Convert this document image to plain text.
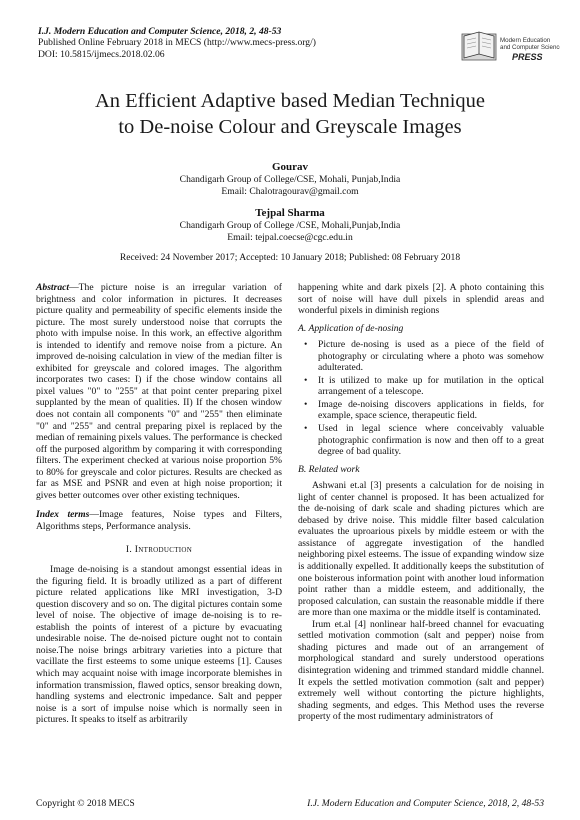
I.J. Modern Education and Computer Science, 2018, 2, 48-53
Published Online February 2018 in MECS (http://www.mecs-press.org/)
DOI: 10.5815/ijmecs.2018.02.06
Modern Education
and Computer Science
PRESS
An Efficient Adaptive based Median Technique
to De-noise Colour and Greyscale Images
Gourav
Chandigarh Group of College/CSE, Mohali, Punjab,India
Email: Chalotragourav@gmail.com
Tejpal Sharma
Chandigarh Group of College /CSE, Mohali,Punjab,India
Email: tejpal.coecse@cgc.edu.in
Received: 24 November 2017; Accepted: 10 January 2018; Published: 08 February 2018

Abstract—The picture noise is an irregular variation of brightness and color information in pictures. It decreases picture quality and permeability of specific elements inside the picture. The most surely understood noise that corrupts the photo with impulse noise. In this work, an effective algorithm is intended to identify and remove noise from a picture. An improved de-noising calculation in view of the median filter is exhibited for greyscale and colored images. The algorithm incorporates two cases: I) if the chose window contains all pixel values "0" to "255" at that point center preparing pixel supplanted by the mean of qualities. II) If the chosen window does not contain all components "0" and "255" then eliminate "0" and "255" and central preparing pixel is replaced by the median of remaining pixels values. The performance is checked off the purposed algorithm by comparing it with corresponding filters. The experiment checked at various noise proportion 5% to 80% for greyscale and color pictures. Results are checked as far as MSE and PSNR and even at high noise proportion; it gives better outcomes over other existing techniques.

Index terms—Image features, Noise types and Filters, Algorithms steps, Performance analysis.

I. Introduction

Image de-noising is a standout amongst essential ideas in the figuring field. It is broadly utilized as a part of different picture related applications like MRI investigation, 3-D question discovery and so on. The digital pictures contain some level of noise. The objective of image de-noising is to re-establish the points of interest of a picture by evacuating undesirable noise. The de-noised picture ought not to contain noise.The noise brings arbitrary varieties into a picture that vacillate the first esteems to some unique esteems [1]. Causes which may acquaint noise with image incorporate blemishes in information transmission, flawed optics, sensor breaking down, handling systems and electronic impedance. Salt and pepper noise is a sort of impulse noise which is normally seen in pictures. It speaks to itself as arbitrarily

happening white and dark pixels [2]. A photo containing this sort of noise will have dull pixels in splendid areas and wonderful pixels in diminish regions

A. Application of de-nosing

• Picture de-nosing is used as a piece of the field of photography or circulating where a photo was somehow adulterated.
• It is utilized to make up for mutilation in the optical arrangement of a telescope.
• Image de-noising discovers applications in fields, for example, space science, therapeutic field.
• Used in legal science where conceivably valuable photographic confirmation is now and then off to a great degree of bad quality.

B. Related work

Ashwani et.al [3] presents a calculation for de noising in light of center channel is proposed. It has been actualized for the de-noising of dark scale and shading pictures which are debased by drive noise. This middle filter based calculation evaluates the uproarious pixels by middle esteem or with the assistance of aggregate investigation of the handled neighboring pixel esteems. The issue of expanding window size is additionally expelled. It additionally keeps the substitution of one boisterous information point with another loud information point rather than a middle esteem, and additionally, the proposed calculation, can sustain the reasonable middle if there are more than one maxima or the middle itself is contaminated.

Irum et.al [4] nonlinear half-breed channel for evacuating settled motivation commotion (salt and pepper) noise from shading pictures and made out of an arrangement of morphological standard and surely understood operations disintegration widening and trimmed standard middle channel. It expels the settled motivation commotion (salt and pepper) extremely well without contorting the picture highlights, shading segments, and edges. This Method uses the reverse property of the most rudimentary administrators of

Copyright © 2018 MECS	I.J. Modern Education and Computer Science, 2018, 2, 48-53
